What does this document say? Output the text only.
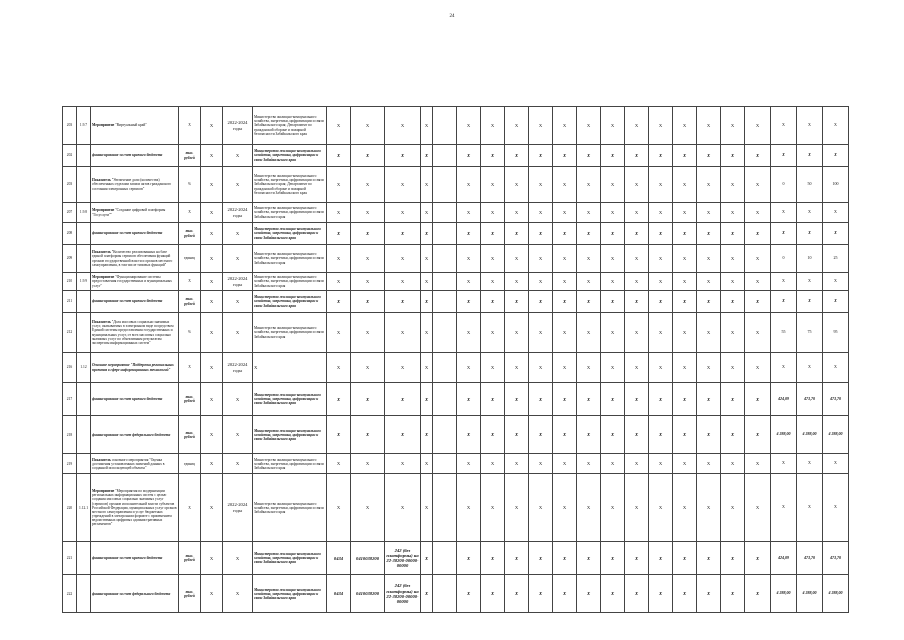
24
203	1.9.7	Мероприятие "Виртуальный край"	Х	Х	2022-2024 годы	Министерство жилищно-коммунального хозяйства, энергетики, цифровизации и связи Забайкальского края; Департамент по гражданской обороне и пожарной безопасности Забайкальского края	Х	Х	Х	Х		Х	Х	Х	Х	Х	Х	Х	Х	Х	Х	Х	Х	Х	Х	Х	Х	
202		финансирование за счет краевого бюджета	тыс. рублей	Х	Х	Министерство жилищно-коммунального хозяйства, энергетики, цифровизации и связи Забайкальского края	Х	Х	Х	Х		Х	Х	Х	Х	Х	Х	Х	Х	Х	Х	Х	Х	Х	Х	Х	Х	
203		Показатель "Увеличение доли (количества) обеспеченных отделами записи актов гражданского состояния электронных сервисов"	%	Х	Х	Министерство жилищно-коммунального хозяйства, энергетики, цифровизации и связи Забайкальского края; Департамент по гражданской обороне и пожарной безопасности Забайкальского края	Х	Х	Х	Х		Х	Х	Х	Х	Х	Х	Х	Х	Х	Х	Х	Х	Х	0	50	100	
207	1.9.8	Мероприятие "Создание цифровой платформы "Госуслуги""	Х	Х	2022-2024 годы	Министерство жилищно-коммунального хозяйства, энергетики, цифровизации и связи Забайкальского края	Х	Х	Х	Х		Х	Х	Х	Х	Х	Х	Х	Х	Х	Х	Х	Х	Х	Х	Х	Х	
208		финансирование за счет краевого бюджета	тыс. рублей	Х	Х	Министерство жилищно-коммунального хозяйства, энергетики, цифровизации и связи Забайкальского края	Х	Х	Х	Х		Х	Х	Х	Х	Х	Х	Х	Х	Х	Х	Х	Х	Х	Х	Х	Х	
209		Показатель "Количество реализованных на базе единой платформы сервисов обеспечения функций органов государственной власти и органов местного самоуправления, в том числе типовых функций"	единиц	Х	Х	Министерство жилищно-коммунального хозяйства, энергетики, цифровизации и связи Забайкальского края	Х	Х	Х	Х		Х	Х	Х	Х	Х	Х	Х	Х	Х	Х	Х	Х	Х	0	10	25	
210	1.9.9	Мероприятие "Функционирование системы предоставления государственных и муниципальных услуг"	Х	Х	2022-2024 годы	Министерство жилищно-коммунального хозяйства, энергетики, цифровизации и связи Забайкальского края	Х	Х	Х	Х		Х	Х	Х	Х	Х	Х	Х	Х	Х	Х	Х	Х	Х	Х	Х	Х	
211		финансирование за счет краевого бюджета	тыс. рублей	Х	Х	Министерство жилищно-коммунального хозяйства, энергетики, цифровизации и связи Забайкальского края	Х	Х	Х	Х		Х	Х	Х	Х	Х	Х	Х	Х	Х	Х	Х	Х	Х	Х	Х	Х	
212		Показатель "Доля массовых социально значимых услуг, оказываемых в электронном виде посредством Единой системы предоставления государственных и муниципальных услуг, от всех массовых социально значимых услуг по объективным результатам экспертизы информационных систем"	%	Х	Х	Министерство жилищно-коммунального хозяйства, энергетики, цифровизации и связи Забайкальского края	Х	Х	Х	Х		Х	Х	Х	Х	Х	Х	Х	Х	Х	Х	Х	Х	Х	55	75	95	
216	1.12	Основное мероприятие "Поддержка региональных проектов в сфере информационных технологий"	Х	Х	2022-2024 годы	Х	Х	Х	Х	Х		Х	Х	Х	Х	Х	Х	Х	Х	Х	Х	Х	Х	Х	Х	Х	Х	
217		финансирование за счет краевого бюджета	тыс. рублей	Х	Х	Министерство жилищно-коммунального хозяйства, энергетики, цифровизации и связи Забайкальского края	Х	Х	Х	Х		Х	Х	Х	Х	Х	Х	Х	Х	Х	Х	Х	Х	Х	424,09	473,70	473,70	
218		финансирование за счет федерального бюджета	тыс. рублей	Х	Х	Министерство жилищно-коммунального хозяйства, энергетики, цифровизации и связи Забайкальского края	Х	Х	Х	Х		Х	Х	Х	Х	Х	Х	Х	Х	Х	Х	Х	Х	Х	4 288,00	4 288,00	4 288,00	
219		Показатель основного мероприятия "Оценка достижения установленных значений данных в созданной использующей объекты"	единиц	Х	Х	Министерство жилищно-коммунального хозяйства, энергетики, цифровизации и связи Забайкальского края	Х	Х	Х	Х		Х	Х	Х	Х	Х	Х	Х	Х	Х	Х	Х	Х	Х	Х	Х	Х	
220	1.12.1	Мероприятие "Мероприятия по модернизации региональных информационных систем с целью создания массовых социально значимых услуг (сервисов) органов исполнительной власти субъектов Российской Федерации, муниципальных услуг органов местного самоуправления и услуг бюджетных учреждений в электронном формате с применением ведомственных цифровых административных регламентов"	Х	Х	2022-2024 годы	Министерство жилищно-коммунального хозяйства, энергетики, цифровизации и связи Забайкальского края	Х	Х	Х	Х		Х	Х	Х	Х	Х	Х	Х	Х	Х	Х	Х	Х	Х	Х	Х	Х	
221		финансирование за счет краевого бюджета	тыс. рублей	Х	Х	Министерство жилищно-коммунального хозяйства, энергетики, цифровизации и связи Забайкальского края	0434	0410038200	242 (без платформы) на 22-38200-00000-00000	Х		Х	Х	Х	Х	Х	Х	Х	Х	Х	Х	Х	Х	Х	424,09	473,70	473,70	
222		финансирование за счет федерального бюджета	тыс. рублей	Х	Х	Министерство жилищно-коммунального хозяйства, энергетики, цифровизации и связи Забайкальского края	0434	0410038200	242 (без платформы) на 22-38200-00000-00000	Х		Х	Х	Х	Х	Х	Х	Х	Х	Х	Х	Х	Х	Х	4 288,00	4 288,00	4 288,00	
